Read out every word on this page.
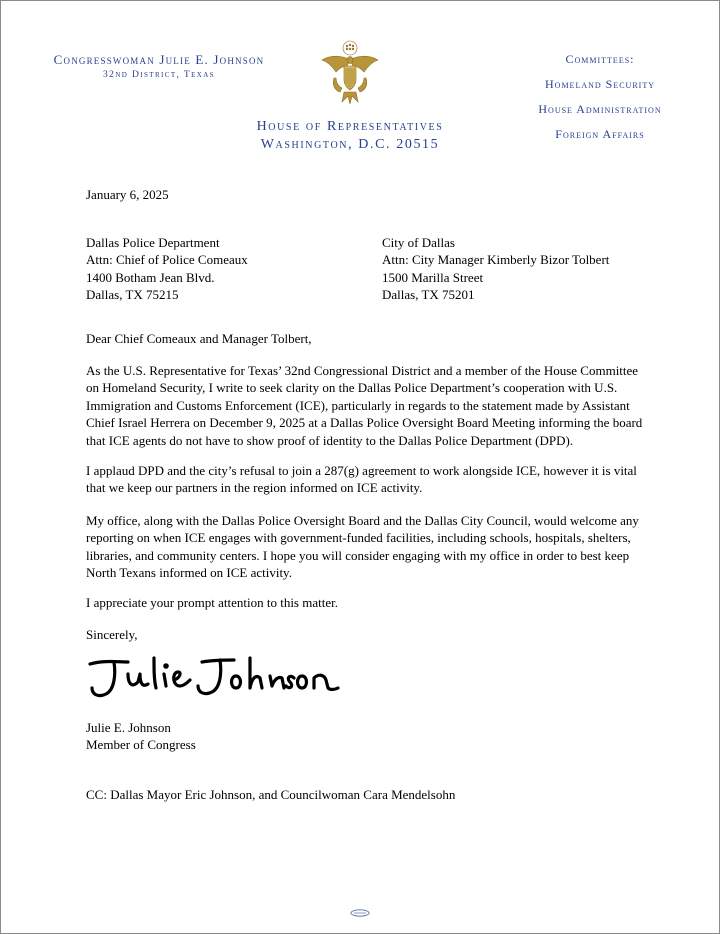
Congresswoman Julie E. Johnson
32nd District, Texas
House of Representatives
Washington, D.C. 20515
Committees:
Homeland Security
House Administration
Foreign Affairs
January 6, 2025
Dallas Police Department
Attn: Chief of Police Comeaux
1400 Botham Jean Blvd.
Dallas, TX 75215
City of Dallas
Attn: City Manager Kimberly Bizor Tolbert
1500 Marilla Street
Dallas, TX 75201
Dear Chief Comeaux and Manager Tolbert,
As the U.S. Representative for Texas’ 32nd Congressional District and a member of the House Committee on Homeland Security, I write to seek clarity on the Dallas Police Department’s cooperation with U.S. Immigration and Customs Enforcement (ICE), particularly in regards to the statement made by Assistant Chief Israel Herrera on December 9, 2025 at a Dallas Police Oversight Board Meeting informing the board that ICE agents do not have to show proof of identity to the Dallas Police Department (DPD).
I applaud DPD and the city’s refusal to join a 287(g) agreement to work alongside ICE, however it is vital that we keep our partners in the region informed on ICE activity.
My office, along with the Dallas Police Oversight Board and the Dallas City Council, would welcome any reporting on when ICE engages with government-funded facilities, including schools, hospitals, shelters, libraries, and community centers. I hope you will consider engaging with my office in order to best keep North Texans informed on ICE activity.
I appreciate your prompt attention to this matter.
Sincerely,
Julie E. Johnson
Member of Congress
CC: Dallas Mayor Eric Johnson, and Councilwoman Cara Mendelsohn
